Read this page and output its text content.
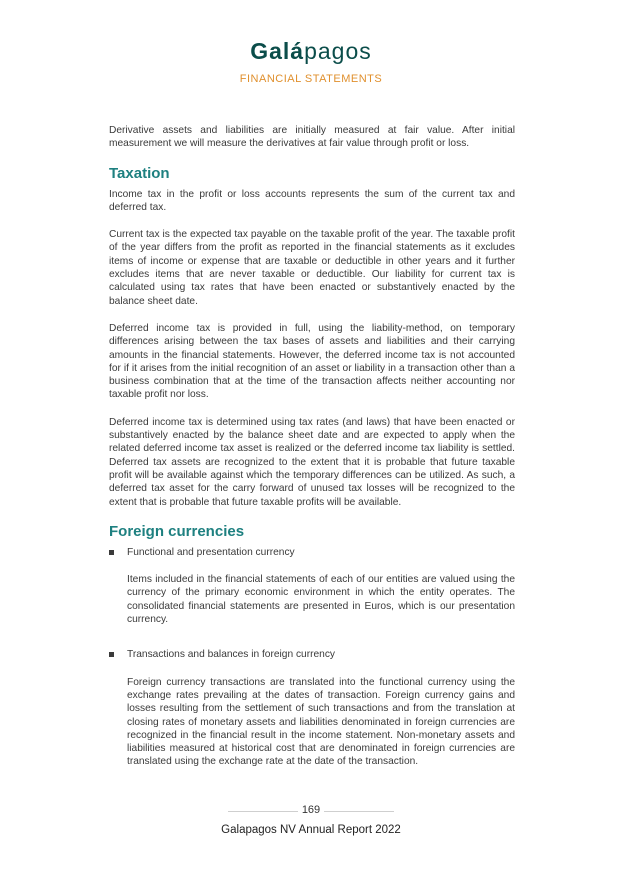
Galápagos
FINANCIAL STATEMENTS

Derivative assets and liabilities are initially measured at fair value. After initial measurement we will measure the derivatives at fair value through profit or loss.

Taxation

Income tax in the profit or loss accounts represents the sum of the current tax and deferred tax.

Current tax is the expected tax payable on the taxable profit of the year. The taxable profit of the year differs from the profit as reported in the financial statements as it excludes items of income or expense that are taxable or deductible in other years and it further excludes items that are never taxable or deductible. Our liability for current tax is calculated using tax rates that have been enacted or substantively enacted by the balance sheet date.

Deferred income tax is provided in full, using the liability-method, on temporary differences arising between the tax bases of assets and liabilities and their carrying amounts in the financial statements. However, the deferred income tax is not accounted for if it arises from the initial recognition of an asset or liability in a transaction other than a business combination that at the time of the transaction affects neither accounting nor taxable profit nor loss.

Deferred income tax is determined using tax rates (and laws) that have been enacted or substantively enacted by the balance sheet date and are expected to apply when the related deferred income tax asset is realized or the deferred income tax liability is settled. Deferred tax assets are recognized to the extent that it is probable that future taxable profit will be available against which the temporary differences can be utilized. As such, a deferred tax asset for the carry forward of unused tax losses will be recognized to the extent that is probable that future taxable profits will be available.

Foreign currencies
Functional and presentation currency

Items included in the financial statements of each of our entities are valued using the currency of the primary economic environment in which the entity operates. The consolidated financial statements are presented in Euros, which is our presentation currency.

Transactions and balances in foreign currency

Foreign currency transactions are translated into the functional currency using the exchange rates prevailing at the dates of transaction. Foreign currency gains and losses resulting from the settlement of such transactions and from the translation at closing rates of monetary assets and liabilities denominated in foreign currencies are recognized in the financial result in the income statement. Non-monetary assets and liabilities measured at historical cost that are denominated in foreign currencies are translated using the exchange rate at the date of the transaction.

169
Galapagos NV Annual Report 2022
